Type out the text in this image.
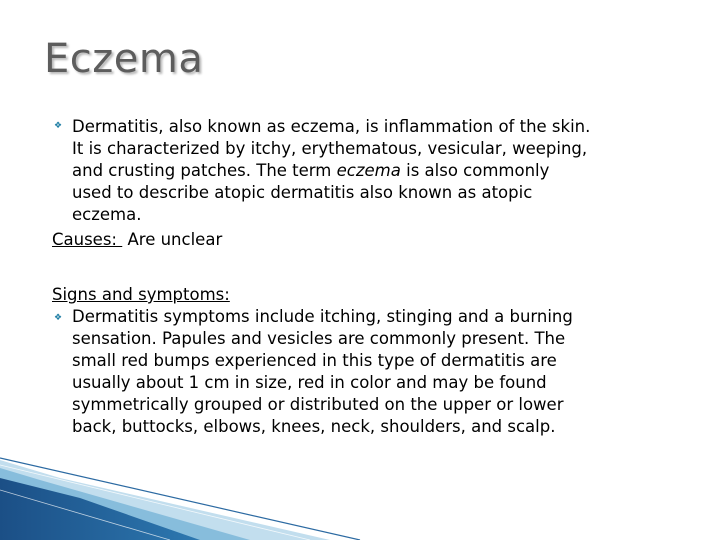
Eczema
❖ Dermatitis, also known as eczema, is inflammation of the skin.
It is characterized by itchy, erythematous, vesicular, weeping,
and crusting patches. The term eczema is also commonly
used to describe atopic dermatitis also known as atopic
eczema.
Causes: Are unclear
Signs and symptoms:
❖ Dermatitis symptoms include itching, stinging and a burning
sensation. Papules and vesicles are commonly present. The
small red bumps experienced in this type of dermatitis are
usually about 1 cm in size, red in color and may be found
symmetrically grouped or distributed on the upper or lower
back, buttocks, elbows, knees, neck, shoulders, and scalp.
